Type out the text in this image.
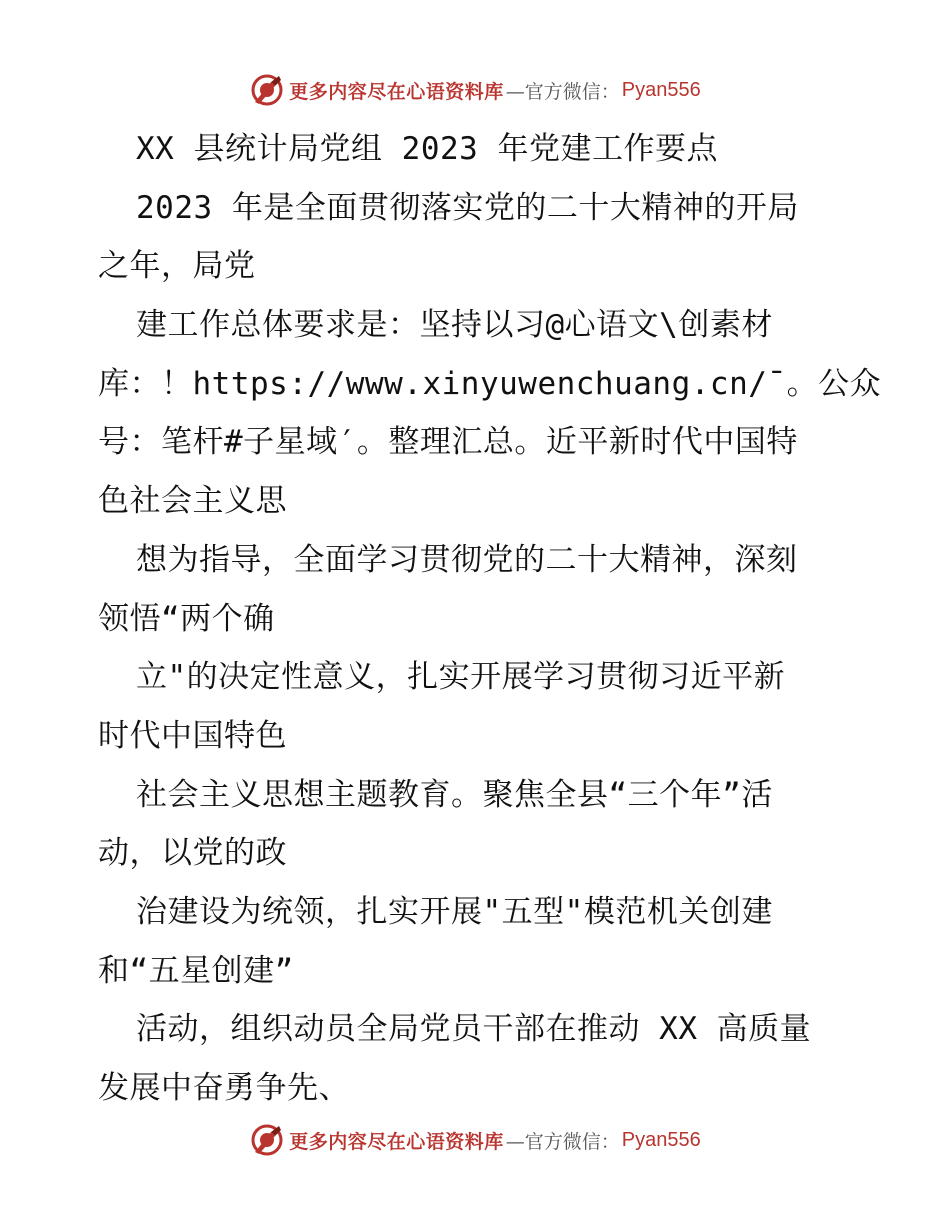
更多内容尽在心语资料库 —官方微信： Pyan556
XX 县统计局党组 2023 年党建工作要点
2023 年是全面贯彻落实党的二十大精神的开局
之年，局党
建工作总体要求是：坚持以习@心语文\创素材
库：！https://www.xinyuwenchuang.cn/ˉ。公众
号：笔杆#子星域′。整理汇总。近平新时代中国特
色社会主义思
想为指导，全面学习贯彻党的二十大精神，深刻
领悟“两个确
立"的决定性意义，扎实开展学习贯彻习近平新
时代中国特色
社会主义思想主题教育。聚焦全县“三个年”活
动，以党的政
治建设为统领，扎实开展"五型"模范机关创建
和“五星创建”
活动，组织动员全局党员干部在推动 XX 高质量
发展中奋勇争先、
更多内容尽在心语资料库 —官方微信： Pyan556
